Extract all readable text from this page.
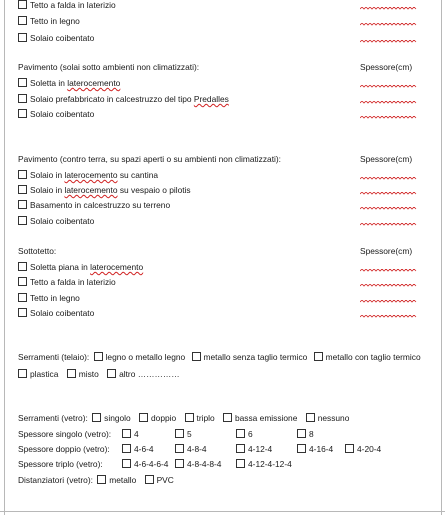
Tetto a falda in laterizio
Tetto in legno
Solaio coibentato
Pavimento (solai sotto ambienti non climatizzati):	Spessore(cm)
Soletta in laterocemento
Solaio prefabbricato in calcestruzzo del tipo Predalles
Solaio coibentato
Pavimento (contro terra, su spazi aperti o su ambienti non climatizzati):	Spessore(cm)
Solaio in laterocemento su cantina
Solaio in laterocemento su vespaio o pilotis
Basamento in calcestruzzo su terreno
Solaio coibentato
Sottotetto:	Spessore(cm)
Soletta piana in laterocemento
Tetto a falda in laterizio
Tetto in legno
Solaio coibentato
Serramenti (telaio): legno o metallo legno metallo senza taglio termico metallo con taglio termico
plastica misto altro ……………
Serramenti (vetro): singolo doppio triplo bassa emissione nessuno
Spessore singolo (vetro):	4	5	6	8
Spessore doppio (vetro):	4-6-4	4-8-4	4-12-4	4-16-4	4-20-4
Spessore triplo (vetro):	4-6-4-6-4	4-8-4-8-4	4-12-4-12-4
Distanziatori (vetro): metallo PVC
